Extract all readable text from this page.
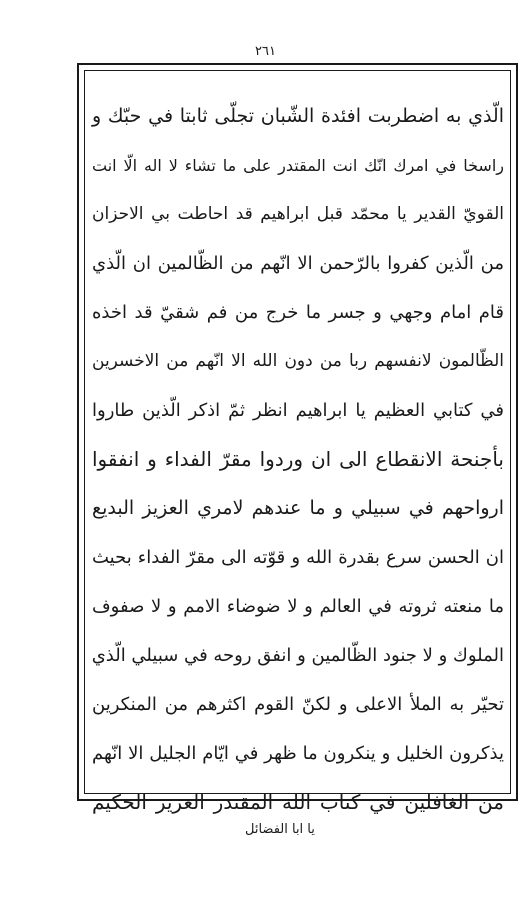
٢٦١
الّذي به اضطربت افئدة الشّبان تجلّى ثابتا في حبّك و
راسخا في امرك انّك انت المقتدر على ما تشاء لا اله الّا انت
القويّ القدير يا محمّد قبل ابراهيم قد احاطت بي الاحزان
من الّذين كفروا بالرّحمن الا انّهم من الظّالمين ان الّذي
قام امام وجهي و جسر ما خرج من فم شقيّ قد اخذه
الظّالمون لانفسهم ربا من دون الله الا انّهم من الاخسرين
في كتابي العظيم يا ابراهيم انظر ثمّ اذكر الّذين طاروا
بأجنحة الانقطاع الى ان وردوا مقرّ الفداء و انفقوا
ارواحهم في سبيلي و ما عندهم لامري العزيز البديع
ان الحسن سرع بقدرة الله و قوّته الى مقرّ الفداء بحيث
ما منعته ثروته في العالم و لا ضوضاء الامم و لا صفوف
الملوك و لا جنود الظّالمين و انفق روحه في سبيلي الّذي
تحيّر به الملأ الاعلى و لكنّ القوم اكثرهم من المنكرين
يذكرون الخليل و ينكرون ما ظهر في ايّام الجليل الا انّهم
من الغافلين في كتاب الله المقتدر العزيز الحكيم
يا ابا الفضائل
